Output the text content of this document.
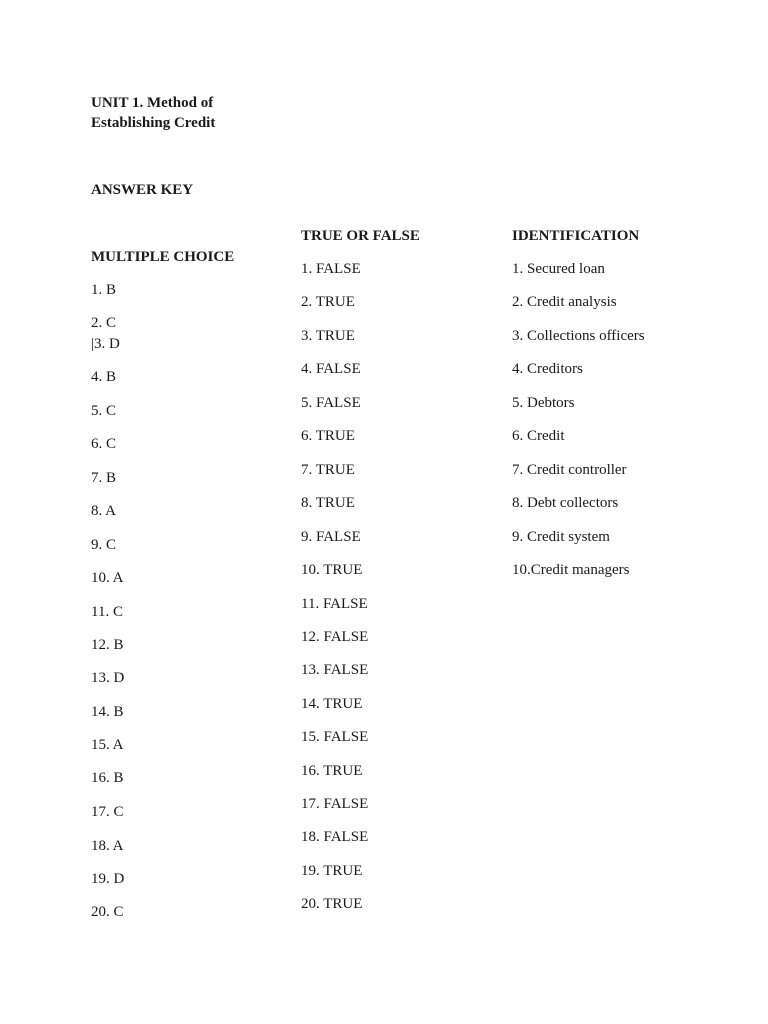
UNIT 1. Method of
Establishing Credit
ANSWER KEY
MULTIPLE CHOICE
1. B
2. C
|3. D
4. B
5. C
6. C
7. B
8. A
9. C
10. A
11. C
12. B
13. D
14. B
15. A
16. B
17. C
18. A
19. D
20. C
TRUE OR FALSE
1. FALSE
2. TRUE
3. TRUE
4. FALSE
5. FALSE
6. TRUE
7. TRUE
8. TRUE
9. FALSE
10. TRUE
11. FALSE
12. FALSE
13. FALSE
14. TRUE
15. FALSE
16. TRUE
17. FALSE
18. FALSE
19. TRUE
20. TRUE
IDENTIFICATION
1. Secured loan
2. Credit analysis
3. Collections officers
4. Creditors
5. Debtors
6. Credit
7. Credit controller
8. Debt collectors
9. Credit system
10.Credit managers
